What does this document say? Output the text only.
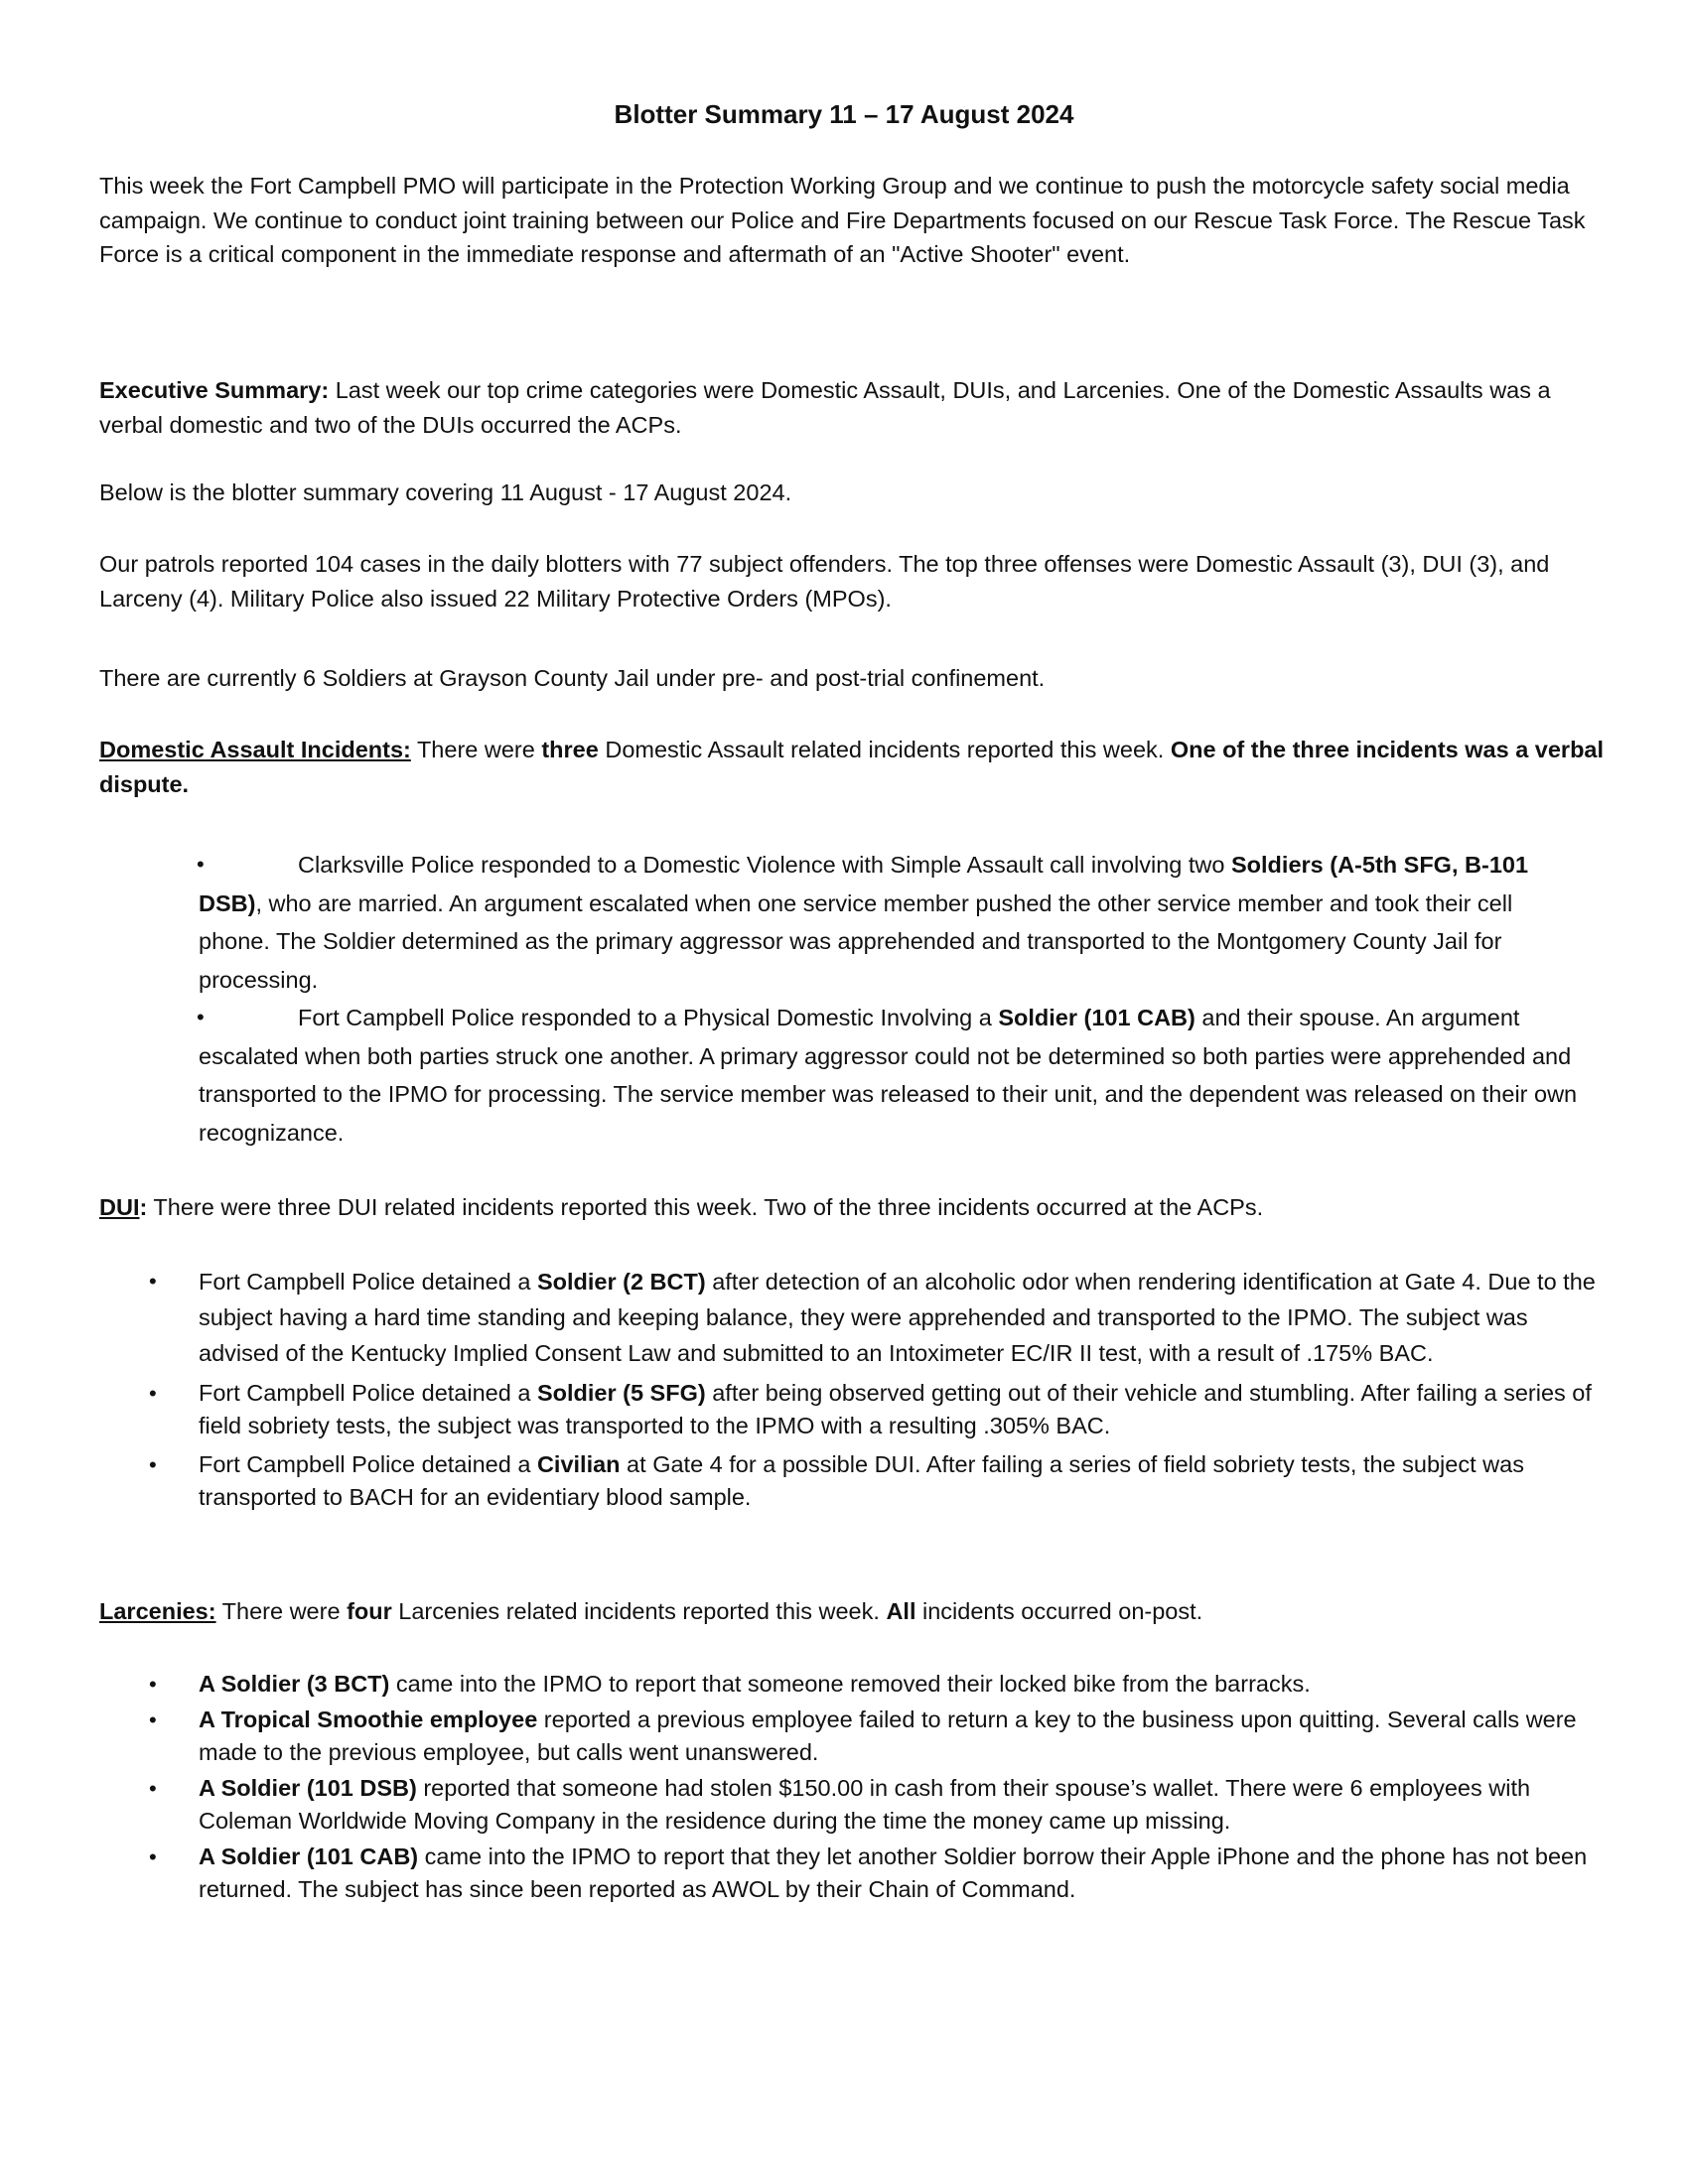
Blotter Summary 11 – 17 August 2024

This week the Fort Campbell PMO will participate in the Protection Working Group and we continue to push the motorcycle safety social media campaign. We continue to conduct joint training between our Police and Fire Departments focused on our Rescue Task Force. The Rescue Task Force is a critical component in the immediate response and aftermath of an "Active Shooter" event.

Executive Summary: Last week our top crime categories were Domestic Assault, DUIs, and Larcenies. One of the Domestic Assaults was a verbal domestic and two of the DUIs occurred the ACPs.

Below is the blotter summary covering 11 August - 17 August 2024.

Our patrols reported 104 cases in the daily blotters with 77 subject offenders. The top three offenses were Domestic Assault (3), DUI (3), and Larceny (4). Military Police also issued 22 Military Protective Orders (MPOs).

There are currently 6 Soldiers at Grayson County Jail under pre- and post-trial confinement.

Domestic Assault Incidents: There were three Domestic Assault related incidents reported this week. One of the three incidents was a verbal dispute.

•	Clarksville Police responded to a Domestic Violence with Simple Assault call involving two Soldiers (A-5th SFG, B-101 DSB), who are married. An argument escalated when one service member pushed the other service member and took their cell phone. The Soldier determined as the primary aggressor was apprehended and transported to the Montgomery County Jail for processing.
•	Fort Campbell Police responded to a Physical Domestic Involving a Soldier (101 CAB) and their spouse. An argument escalated when both parties struck one another. A primary aggressor could not be determined so both parties were apprehended and transported to the IPMO for processing. The service member was released to their unit, and the dependent was released on their own recognizance.

DUI: There were three DUI related incidents reported this week. Two of the three incidents occurred at the ACPs.

• Fort Campbell Police detained a Soldier (2 BCT) after detection of an alcoholic odor when rendering identification at Gate 4. Due to the subject having a hard time standing and keeping balance, they were apprehended and transported to the IPMO. The subject was advised of the Kentucky Implied Consent Law and submitted to an Intoximeter EC/IR II test, with a result of .175% BAC.
• Fort Campbell Police detained a Soldier (5 SFG) after being observed getting out of their vehicle and stumbling. After failing a series of field sobriety tests, the subject was transported to the IPMO with a resulting .305% BAC.
• Fort Campbell Police detained a Civilian at Gate 4 for a possible DUI. After failing a series of field sobriety tests, the subject was transported to BACH for an evidentiary blood sample.

Larcenies: There were four Larcenies related incidents reported this week. All incidents occurred on-post.

• A Soldier (3 BCT) came into the IPMO to report that someone removed their locked bike from the barracks.
• A Tropical Smoothie employee reported a previous employee failed to return a key to the business upon quitting. Several calls were made to the previous employee, but calls went unanswered.
• A Soldier (101 DSB) reported that someone had stolen $150.00 in cash from their spouse’s wallet. There were 6 employees with Coleman Worldwide Moving Company in the residence during the time the money came up missing.
• A Soldier (101 CAB) came into the IPMO to report that they let another Soldier borrow their Apple iPhone and the phone has not been returned. The subject has since been reported as AWOL by their Chain of Command.
